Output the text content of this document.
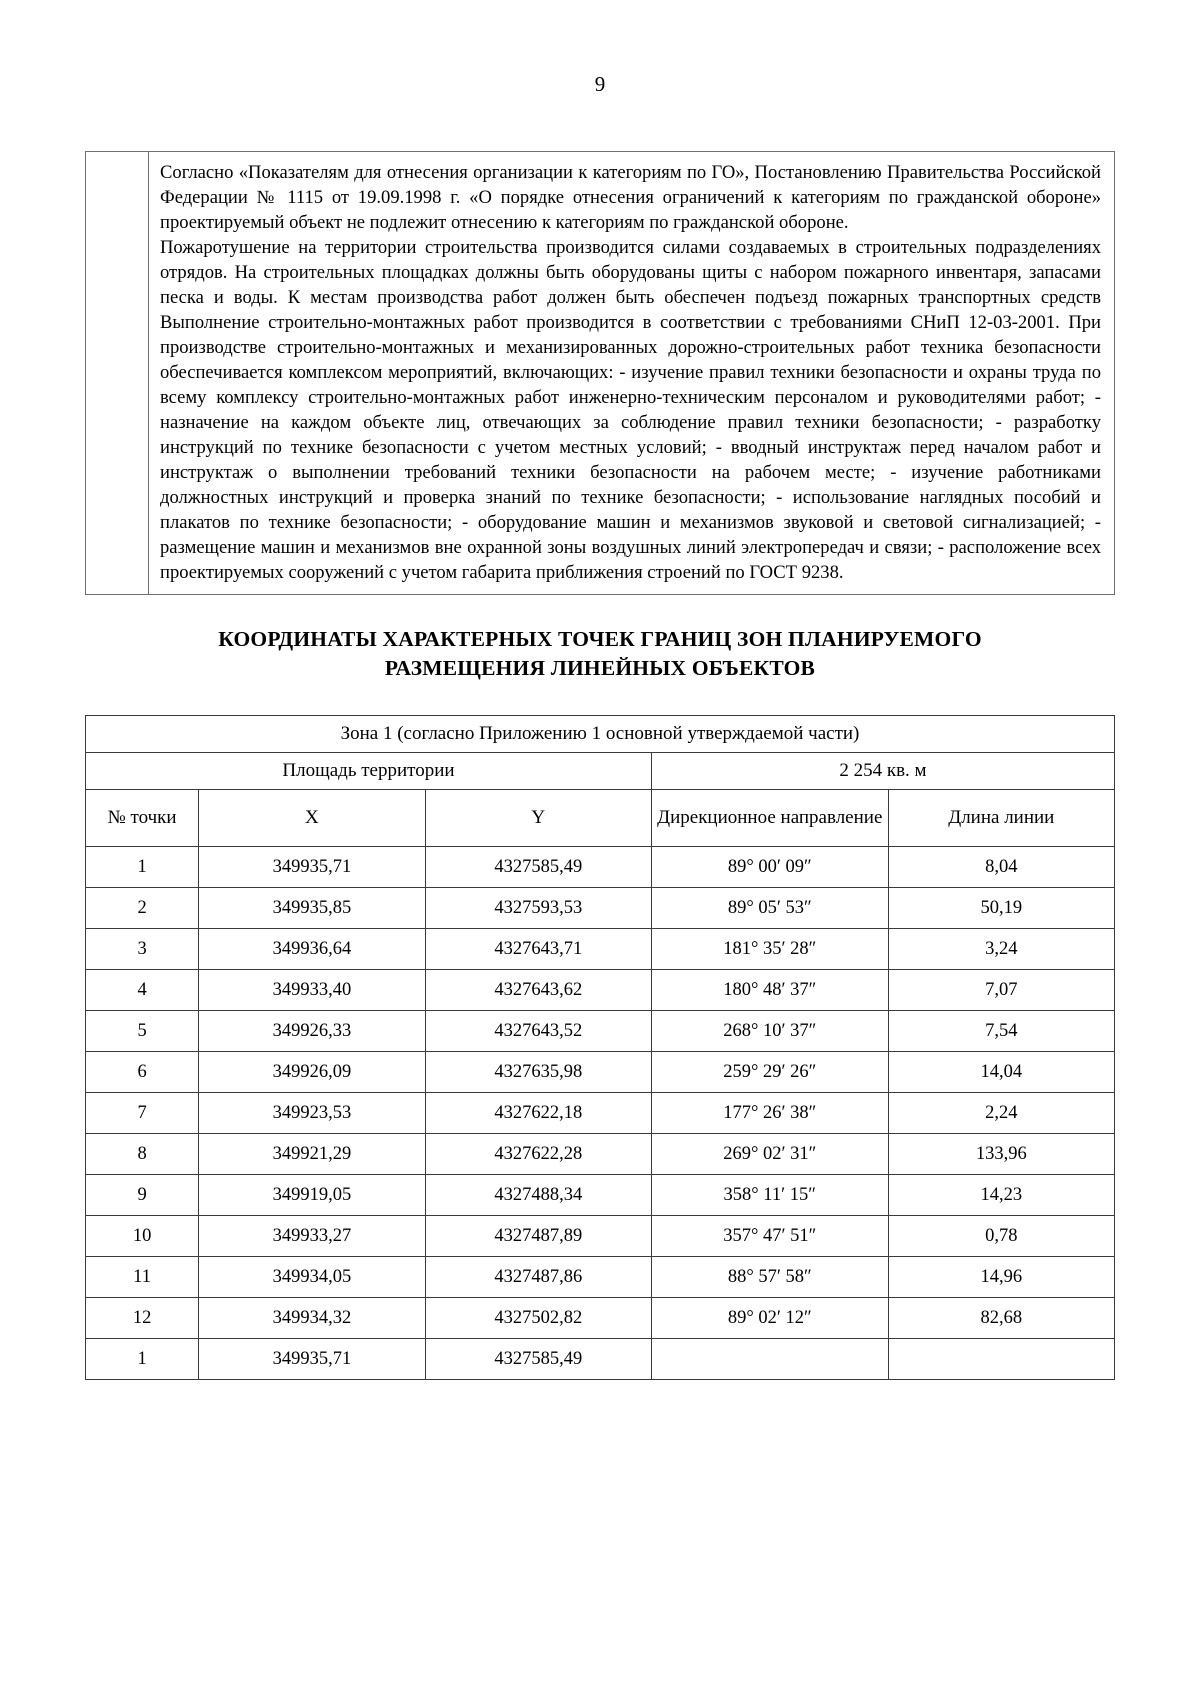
9

Согласно «Показателям для отнесения организации к категориям по ГО», Постановлению Правительства Российской Федерации № 1115 от 19.09.1998 г. «О порядке отнесения ограничений к категориям по гражданской обороне» проектируемый объект не подлежит отнесению к категориям по гражданской обороне.

Пожаротушение на территории строительства производится силами создаваемых в строительных подразделениях отрядов. На строительных площадках должны быть оборудованы щиты с набором пожарного инвентаря, запасами песка и воды. К местам производства работ должен быть обеспечен подъезд пожарных транспортных средств Выполнение строительно-монтажных работ производится в соответствии с требованиями СНиП 12-03-2001. При производстве строительно-монтажных и механизированных дорожно-строительных работ техника безопасности обеспечивается комплексом мероприятий, включающих: - изучение правил техники безопасности и охраны труда по всему комплексу строительно-монтажных работ инженерно-техническим персоналом и руководителями работ; - назначение на каждом объекте лиц, отвечающих за соблюдение правил техники безопасности; - разработку инструкций по технике безопасности с учетом местных условий; - вводный инструктаж перед началом работ и инструктаж о выполнении требований техники безопасности на рабочем месте; - изучение работниками должностных инструкций и проверка знаний по технике безопасности; - использование наглядных пособий и плакатов по технике безопасности; - оборудование машин и механизмов звуковой и световой сигнализацией; - размещение машин и механизмов вне охранной зоны воздушных линий электропередач и связи; - расположение всех проектируемых сооружений с учетом габарита приближения строений по ГОСТ 9238.

КООРДИНАТЫ ХАРАКТЕРНЫХ ТОЧЕК ГРАНИЦ ЗОН ПЛАНИРУЕМОГО РАЗМЕЩЕНИЯ ЛИНЕЙНЫХ ОБЪЕКТОВ
Зона 1 (согласно Приложению 1 основной утверждаемой части)				
Площадь территории			2 254 кв. м	
№ точки	X	Y	Дирекционное направление	Длина линии
1	349935,71	4327585,49	89° 00′ 09″	8,04
2	349935,85	4327593,53	89° 05′ 53″	50,19
3	349936,64	4327643,71	181° 35′ 28″	3,24
4	349933,40	4327643,62	180° 48′ 37″	7,07
5	349926,33	4327643,52	268° 10′ 37″	7,54
6	349926,09	4327635,98	259° 29′ 26″	14,04
7	349923,53	4327622,18	177° 26′ 38″	2,24
8	349921,29	4327622,28	269° 02′ 31″	133,96
9	349919,05	4327488,34	358° 11′ 15″	14,23
10	349933,27	4327487,89	357° 47′ 51″	0,78
11	349934,05	4327487,86	88° 57′ 58″	14,96
12	349934,32	4327502,82	89° 02′ 12″	82,68
1	349935,71	4327585,49		
